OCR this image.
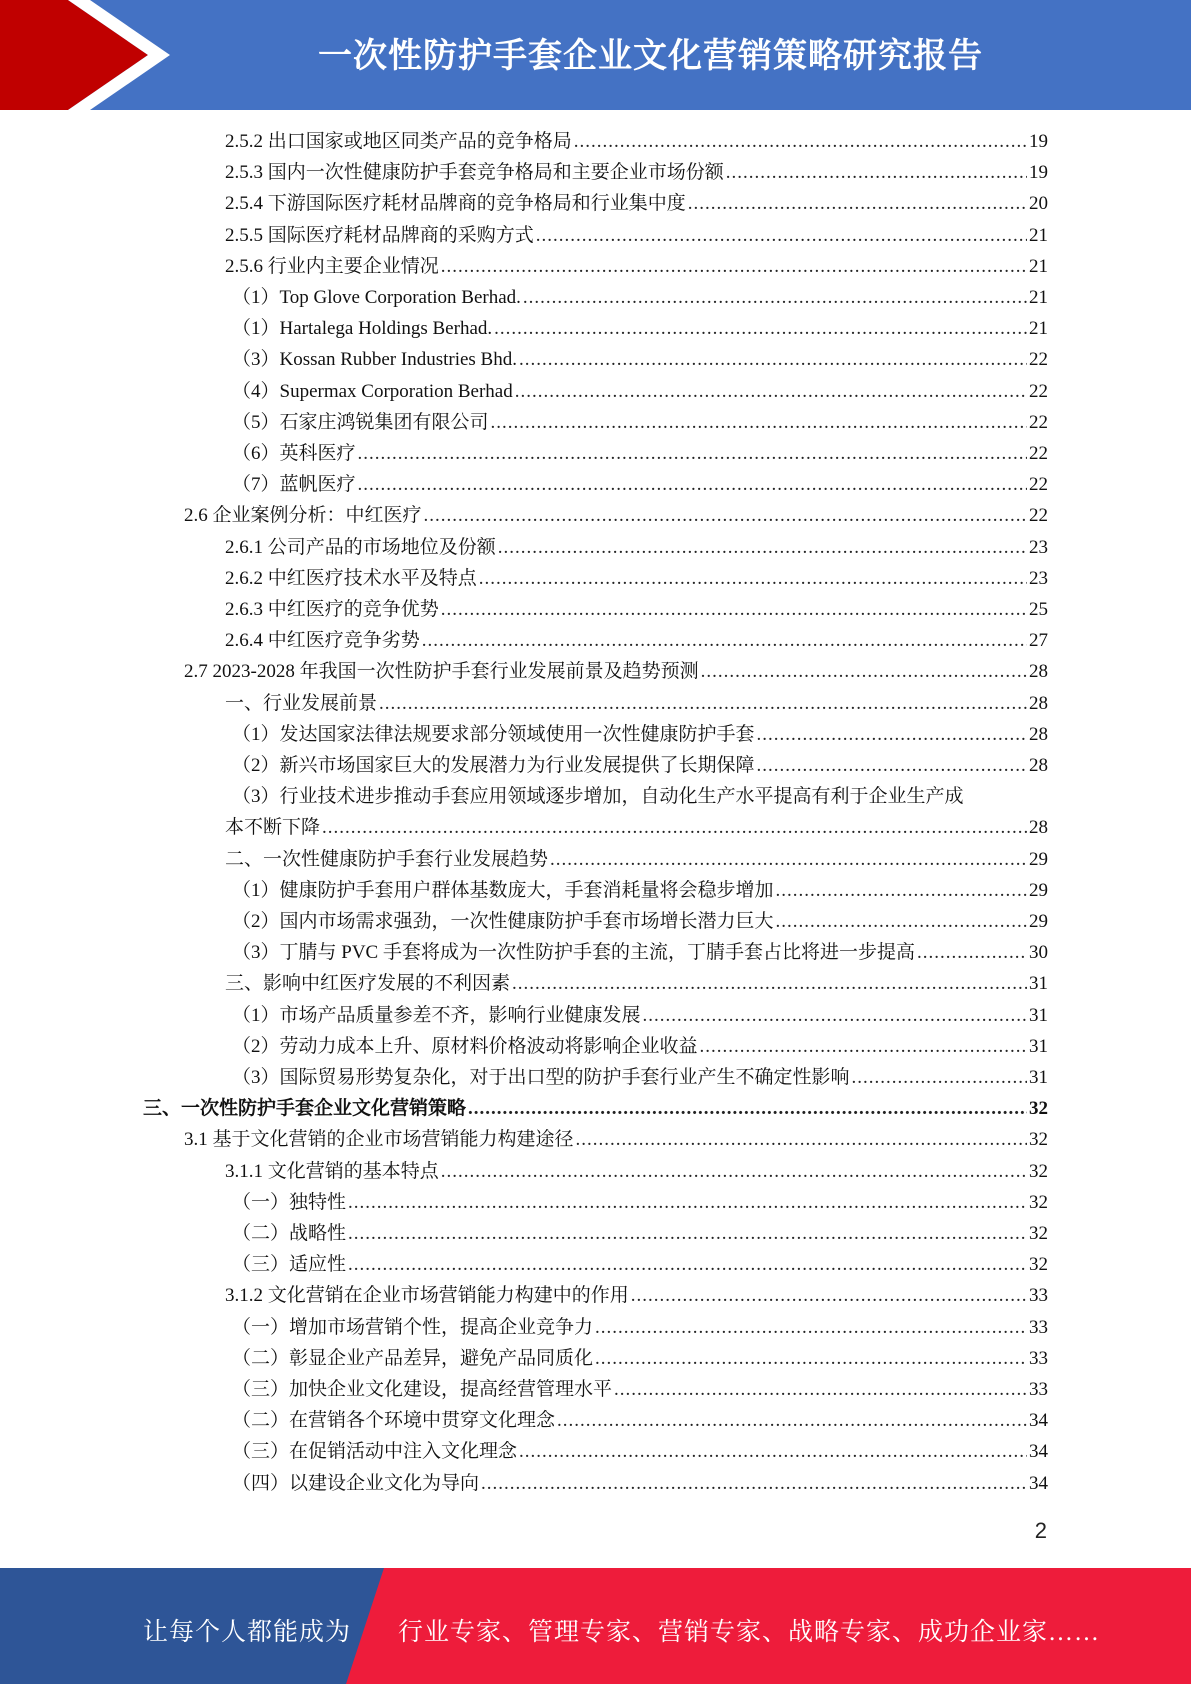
一次性防护手套企业文化营销策略研究报告
2.5.2 出口国家或地区同类产品的竞争格局 .....	19
2.5.3 国内一次性健康防护手套竞争格局和主要企业市场份额 .....	19
2.5.4 下游国际医疗耗材品牌商的竞争格局和行业集中度 .....	20
2.5.5 国际医疗耗材品牌商的采购方式 .....	21
2.5.6 行业内主要企业情况 .....	21
（1）Top Glove Corporation Berhad. .....	21
（1）Hartalega Holdings Berhad. .....	21
（3）Kossan Rubber Industries Bhd. .....	22
（4）Supermax Corporation Berhad .....	22
（5）石家庄鸿锐集团有限公司 .....	22
（6）英科医疗 .....	22
（7）蓝帆医疗 .....	22
2.6 企业案例分析：中红医疗 .....	22
2.6.1 公司产品的市场地位及份额 .....	23
2.6.2 中红医疗技术水平及特点 .....	23
2.6.3 中红医疗的竞争优势 .....	25
2.6.4 中红医疗竞争劣势 .....	27
2.7 2023-2028 年我国一次性防护手套行业发展前景及趋势预测 .....	28
一、行业发展前景 .....	28
（1）发达国家法律法规要求部分领域使用一次性健康防护手套 .....	28
（2）新兴市场国家巨大的发展潜力为行业发展提供了长期保障 .....	28
（3）行业技术进步推动手套应用领域逐步增加，自动化生产水平提高有利于企业生产成
本不断下降 .....	28
二、一次性健康防护手套行业发展趋势 .....	29
（1）健康防护手套用户群体基数庞大，手套消耗量将会稳步增加 .....	29
（2）国内市场需求强劲，一次性健康防护手套市场增长潜力巨大 .....	29
（3）丁腈与 PVC 手套将成为一次性防护手套的主流，丁腈手套占比将进一步提高 .....	30
三、影响中红医疗发展的不利因素 .....	31
（1）市场产品质量参差不齐，影响行业健康发展 .....	31
（2）劳动力成本上升、原材料价格波动将影响企业收益 .....	31
（3）国际贸易形势复杂化，对于出口型的防护手套行业产生不确定性影响 .....	31
三、一次性防护手套企业文化营销策略 .....	32
3.1 基于文化营销的企业市场营销能力构建途径 .....	32
3.1.1 文化营销的基本特点 .....	32
（一）独特性 .....	32
（二）战略性 .....	32
（三）适应性 .....	32
3.1.2 文化营销在企业市场营销能力构建中的作用 .....	33
（一）增加市场营销个性，提高企业竞争力 .....	33
（二）彰显企业产品差异，避免产品同质化 .....	33
（三）加快企业文化建设，提高经营管理水平 .....	33
（二）在营销各个环境中贯穿文化理念 .....	34
（三）在促销活动中注入文化理念 .....	34
（四）以建设企业文化为导向 .....	34
2
让每个人都能成为 行业专家、管理专家、营销专家、战略专家、成功企业家……
